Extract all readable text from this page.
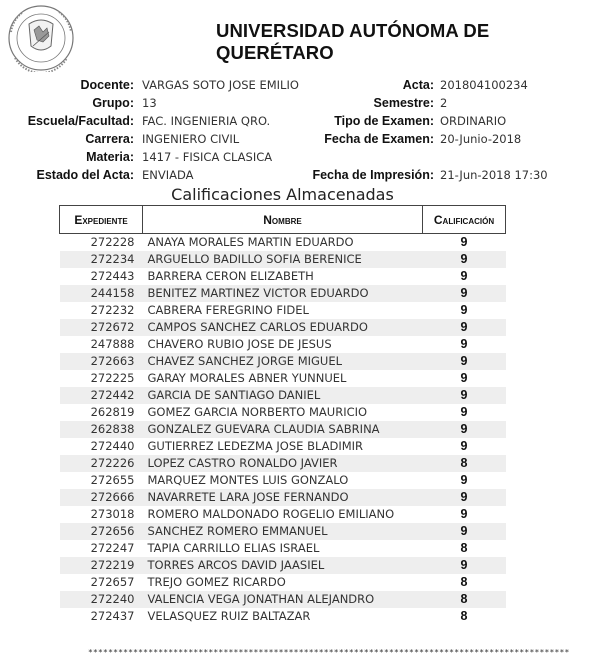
UNIVERSIDAD AUTÓNOMA DE QUERÉTARO
Docente: VARGAS SOTO JOSE EMILIO	Acta: 201804100234
Grupo: 13	Semestre: 2
Escuela/Facultad: FAC. INGENIERIA QRO.	Tipo de Examen: ORDINARIO
Carrera: INGENIERO CIVIL	Fecha de Examen: 20-Junio-2018
Materia: 1417 - FISICA CLASICA
Estado del Acta: ENVIADA	Fecha de Impresión: 21-Jun-2018 17:30
Calificaciones Almacenadas
Expediente	Nombre	Calificación
272228	ANAYA MORALES MARTIN EDUARDO	9
272234	ARGUELLO BADILLO SOFIA BERENICE	9
272443	BARRERA CERON ELIZABETH	9
244158	BENITEZ MARTINEZ VICTOR EDUARDO	9
272232	CABRERA FEREGRINO FIDEL	9
272672	CAMPOS SANCHEZ CARLOS EDUARDO	9
247888	CHAVERO RUBIO JOSE DE JESUS	9
272663	CHAVEZ SANCHEZ JORGE MIGUEL	9
272225	GARAY MORALES ABNER YUNNUEL	9
272442	GARCIA DE SANTIAGO DANIEL	9
262819	GOMEZ GARCIA NORBERTO MAURICIO	9
262838	GONZALEZ GUEVARA CLAUDIA SABRINA	9
272440	GUTIERREZ LEDEZMA JOSE BLADIMIR	9
272226	LOPEZ CASTRO RONALDO JAVIER	8
272655	MARQUEZ MONTES LUIS GONZALO	9
272666	NAVARRETE LARA JOSE FERNANDO	9
273018	ROMERO MALDONADO ROGELIO EMILIANO	9
272656	SANCHEZ ROMERO EMMANUEL	9
272247	TAPIA CARRILLO ELIAS ISRAEL	8
272219	TORRES ARCOS DAVID JAASIEL	9
272657	TREJO GOMEZ RICARDO	8
272240	VALENCIA VEGA JONATHAN ALEJANDRO	8
272437	VELASQUEZ RUIZ BALTAZAR	8
************************************************************************************************
